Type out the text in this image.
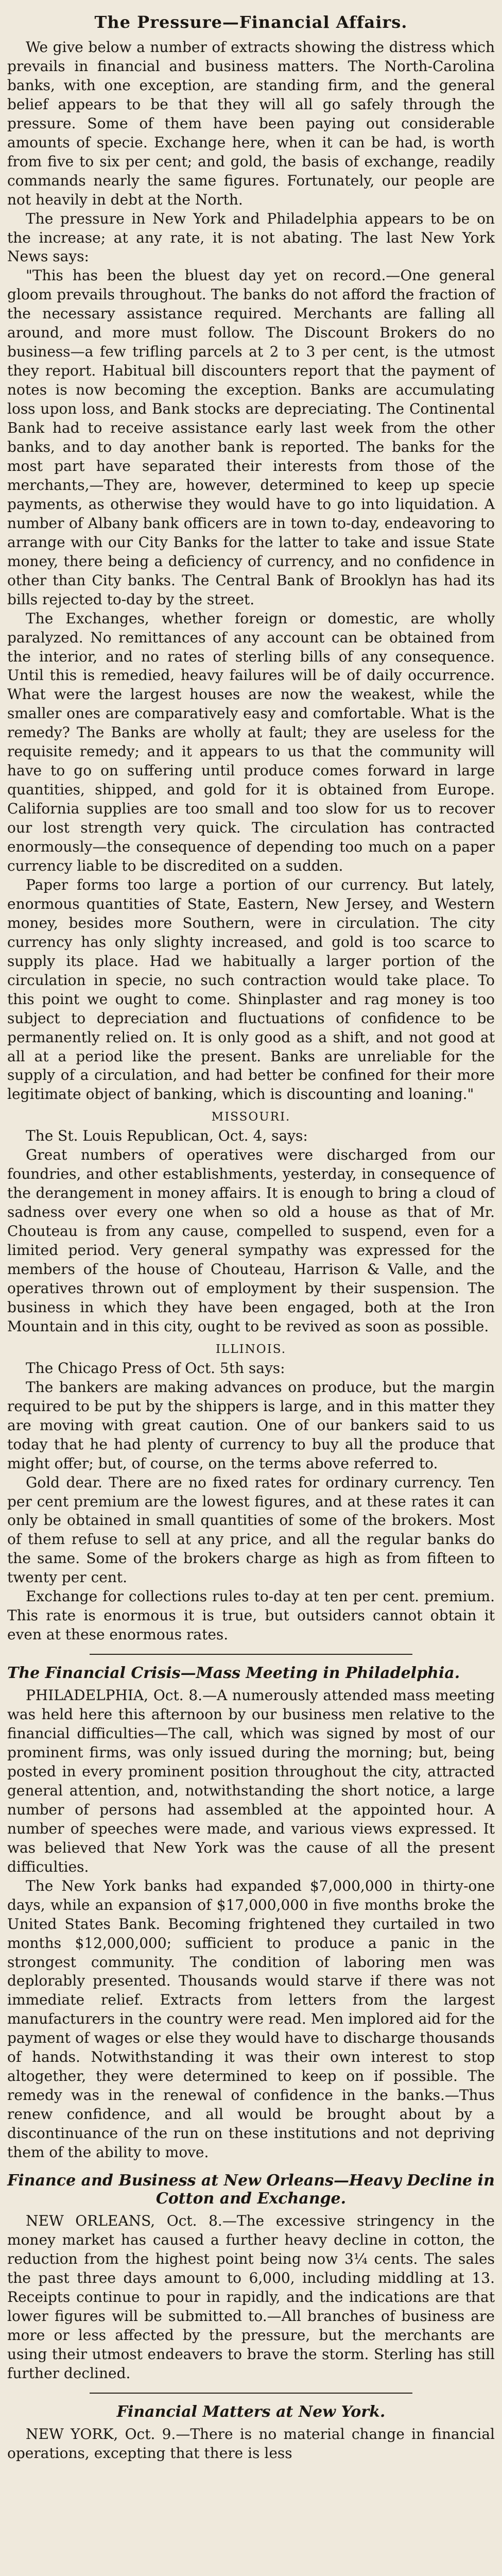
The Pressure—Financial Affairs.

We give below a number of extracts showing the distress which prevails in financial and business matters. The North-Carolina banks, with one exception, are standing firm, and the general belief appears to be that they will all go safely through the pressure. Some of them have been paying out considerable amounts of specie. Exchange here, when it can be had, is worth from five to six per cent; and gold, the basis of exchange, readily commands nearly the same figures. Fortunately, our people are not heavily in debt at the North.

The pressure in New York and Philadelphia appears to be on the increase; at any rate, it is not abating. The last New York News says:

"This has been the bluest day yet on record.—One general gloom prevails throughout. The banks do not afford the fraction of the necessary assistance required. Merchants are falling all around, and more must follow. The Discount Brokers do no business—a few trifling parcels at 2 to 3 per cent, is the utmost they report. Habitual bill discounters report that the payment of notes is now becoming the exception. Banks are accumulating loss upon loss, and Bank stocks are depreciating. The Continental Bank had to receive assistance early last week from the other banks, and to day another bank is reported. The banks for the most part have separated their interests from those of the merchants,—They are, however, determined to keep up specie payments, as otherwise they would have to go into liquidation. A number of Albany bank officers are in town to-day, endeavoring to arrange with our City Banks for the latter to take and issue State money, there being a deficiency of currency, and no confidence in other than City banks. The Central Bank of Brooklyn has had its bills rejected to-day by the street.

The Exchanges, whether foreign or domestic, are wholly paralyzed. No remittances of any account can be obtained from the interior, and no rates of sterling bills of any consequence. Until this is remedied, heavy failures will be of daily occurrence. What were the largest houses are now the weakest, while the smaller ones are comparatively easy and comfortable. What is the remedy? The Banks are wholly at fault; they are useless for the requisite remedy; and it appears to us that the community will have to go on suffering until produce comes forward in large quantities, shipped, and gold for it is obtained from Europe. California supplies are too small and too slow for us to recover our lost strength very quick. The circulation has contracted enormously—the consequence of depending too much on a paper currency liable to be discredited on a sudden.

Paper forms too large a portion of our currency. But lately, enormous quantities of State, Eastern, New Jersey, and Western money, besides more Southern, were in circulation. The city currency has only slighty increased, and gold is too scarce to supply its place. Had we habitually a larger portion of the circulation in specie, no such contraction would take place. To this point we ought to come. Shinplaster and rag money is too subject to depreciation and fluctuations of confidence to be permanently relied on. It is only good as a shift, and not good at all at a period like the present. Banks are unreliable for the supply of a circulation, and had better be confined for their more legitimate object of banking, which is discounting and loaning."

MISSOURI.

The St. Louis Republican, Oct. 4, says:

Great numbers of operatives were discharged from our foundries, and other establishments, yesterday, in consequence of the derangement in money affairs. It is enough to bring a cloud of sadness over every one when so old a house as that of Mr. Chouteau is from any cause, compelled to suspend, even for a limited period. Very general sympathy was expressed for the members of the house of Chouteau, Harrison & Valle, and the operatives thrown out of employment by their suspension. The business in which they have been engaged, both at the Iron Mountain and in this city, ought to be revived as soon as possible.

ILLINOIS.

The Chicago Press of Oct. 5th says:

The bankers are making advances on produce, but the margin required to be put by the shippers is large, and in this matter they are moving with great caution. One of our bankers said to us today that he had plenty of currency to buy all the produce that might offer; but, of course, on the terms above referred to.

Gold dear. There are no fixed rates for ordinary currency. Ten per cent premium are the lowest figures, and at these rates it can only be obtained in small quantities of some of the brokers. Most of them refuse to sell at any price, and all the regular banks do the same. Some of the brokers charge as high as from fifteen to twenty per cent.

Exchange for collections rules to-day at ten per cent. premium. This rate is enormous it is true, but outsiders cannot obtain it even at these enormous rates.

The Financial Crisis—Mass Meeting in Philadelphia.

PHILADELPHIA, Oct. 8.—A numerously attended mass meeting was held here this afternoon by our business men relative to the financial difficulties—The call, which was signed by most of our prominent firms, was only issued during the morning; but, being posted in every prominent position throughout the city, attracted general attention, and, notwithstanding the short notice, a large number of persons had assembled at the appointed hour. A number of speeches were made, and various views expressed. It was believed that New York was the cause of all the present difficulties.

The New York banks had expanded $7,000,000 in thirty-one days, while an expansion of $17,000,000 in five months broke the United States Bank. Becoming frightened they curtailed in two months $12,000,000; sufficient to produce a panic in the strongest community. The condition of laboring men was deplorably presented. Thousands would starve if there was not immediate relief. Extracts from letters from the largest manufacturers in the country were read. Men implored aid for the payment of wages or else they would have to discharge thousands of hands. Notwithstanding it was their own interest to stop altogether, they were determined to keep on if possible. The remedy was in the renewal of confidence in the banks.—Thus renew confidence, and all would be brought about by a discontinuance of the run on these institutions and not depriving them of the ability to move.

Finance and Business at New Orleans—Heavy Decline in Cotton and Exchange.

NEW ORLEANS, Oct. 8.—The excessive stringency in the money market has caused a further heavy decline in cotton, the reduction from the highest point being now 3¼ cents. The sales the past three days amount to 6,000, including middling at 13. Receipts continue to pour in rapidly, and the indications are that lower figures will be submitted to.—All branches of business are more or less affected by the pressure, but the merchants are using their utmost endeavers to brave the storm. Sterling has still further declined.

Financial Matters at New York.

NEW YORK, Oct. 9.—There is no material change in financial operations, excepting that there is less
